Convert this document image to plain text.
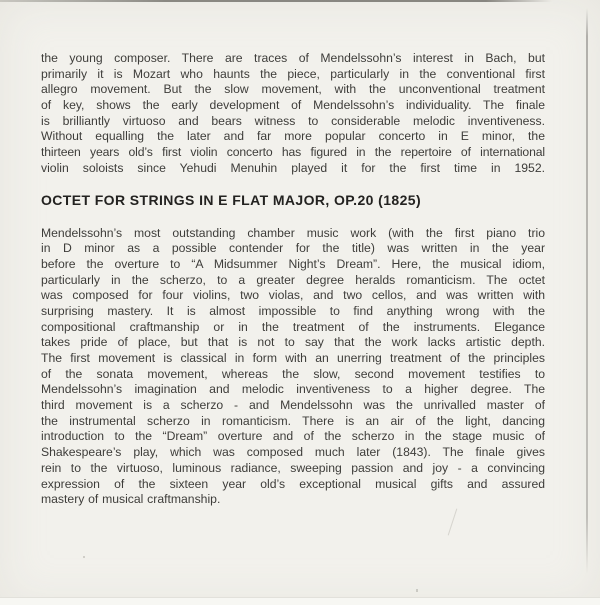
the young composer. There are traces of Mendelssohn’s interest in Bach, but
primarily it is Mozart who haunts the piece, particularly in the conventional first
allegro movement. But the slow movement, with the unconventional treatment
of key, shows the early development of Mendelssohn’s individuality. The finale
is brilliantly virtuoso and bears witness to considerable melodic inventiveness.
Without equalling the later and far more popular concerto in E minor, the
thirteen years old’s first violin concerto has figured in the repertoire of international
violin soloists since Yehudi Menuhin played it for the first time in 1952.
OCTET FOR STRINGS IN E FLAT MAJOR, OP.20 (1825)
Mendelssohn’s most outstanding chamber music work (with the first piano trio
in D minor as a possible contender for the title) was written in the year
before the overture to “A Midsummer Night’s Dream”. Here, the musical idiom,
particularly in the scherzo, to a greater degree heralds romanticism. The octet
was composed for four violins, two violas, and two cellos, and was written with
surprising mastery. It is almost impossible to find anything wrong with the
compositional craftmanship or in the treatment of the instruments. Elegance
takes pride of place, but that is not to say that the work lacks artistic depth.
The first movement is classical in form with an unerring treatment of the principles
of the sonata movement, whereas the slow, second movement testifies to
Mendelssohn’s imagination and melodic inventiveness to a higher degree. The
third movement is a scherzo - and Mendelssohn was the unrivalled master of
the instrumental scherzo in romanticism. There is an air of the light, dancing
introduction to the “Dream” overture and of the scherzo in the stage music of
Shakespeare’s play, which was composed much later (1843). The finale gives
rein to the virtuoso, luminous radiance, sweeping passion and joy - a convincing
expression of the sixteen year old’s exceptional musical gifts and assured
mastery of musical craftmanship.
